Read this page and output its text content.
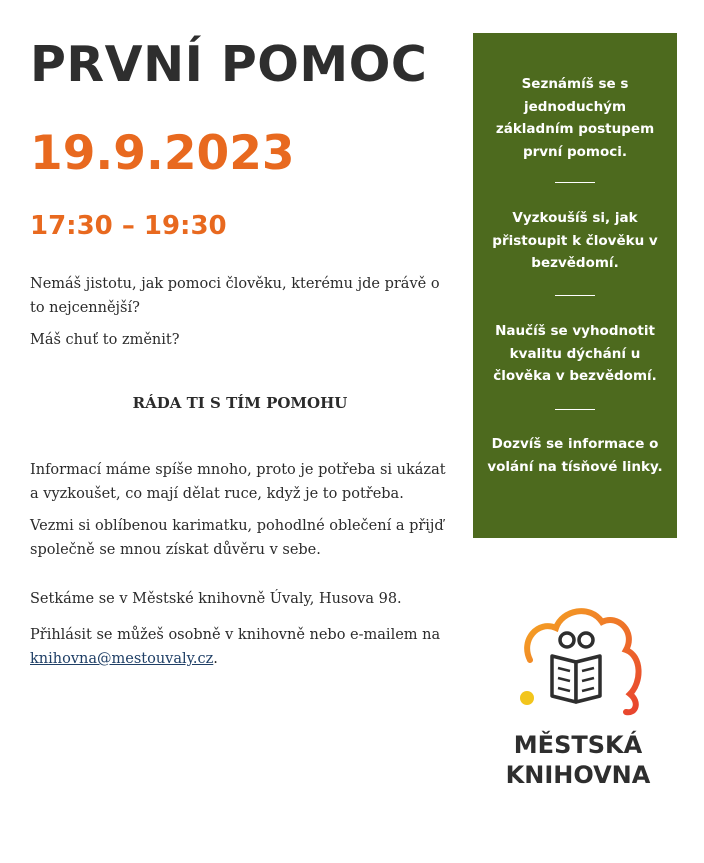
PRVNÍ POMOC
19.9.2023
17:30 – 19:30

Nemáš jistotu, jak pomoci člověku, kterému jde právě o to nejcennější?

Máš chuť to změnit?

RÁDA TI S TÍM POMOHU

Informací máme spíše mnoho, proto je potřeba si ukázat a vyzkoušet, co mají dělat ruce, když je to potřeba.

Vezmi si oblíbenou karimatku, pohodlné oblečení a přijď společně se mnou získat důvěru v sebe.

Setkáme se v Městské knihovně Úvaly, Husova 98.

Přihlásit se můžeš osobně v knihovně nebo e-mailem na knihovna@mestouvaly.cz.

Seznámíš se s jednoduchým základním postupem první pomoci.

Vyzkoušíš si, jak přistoupit k člověku v bezvědomí.

Naučíš se vyhodnotit kvalitu dýchání u člověka v bezvědomí.

Dozvíš se informace o volání na tísňové linky.

MĚSTSKÁ
KNIHOVNA
